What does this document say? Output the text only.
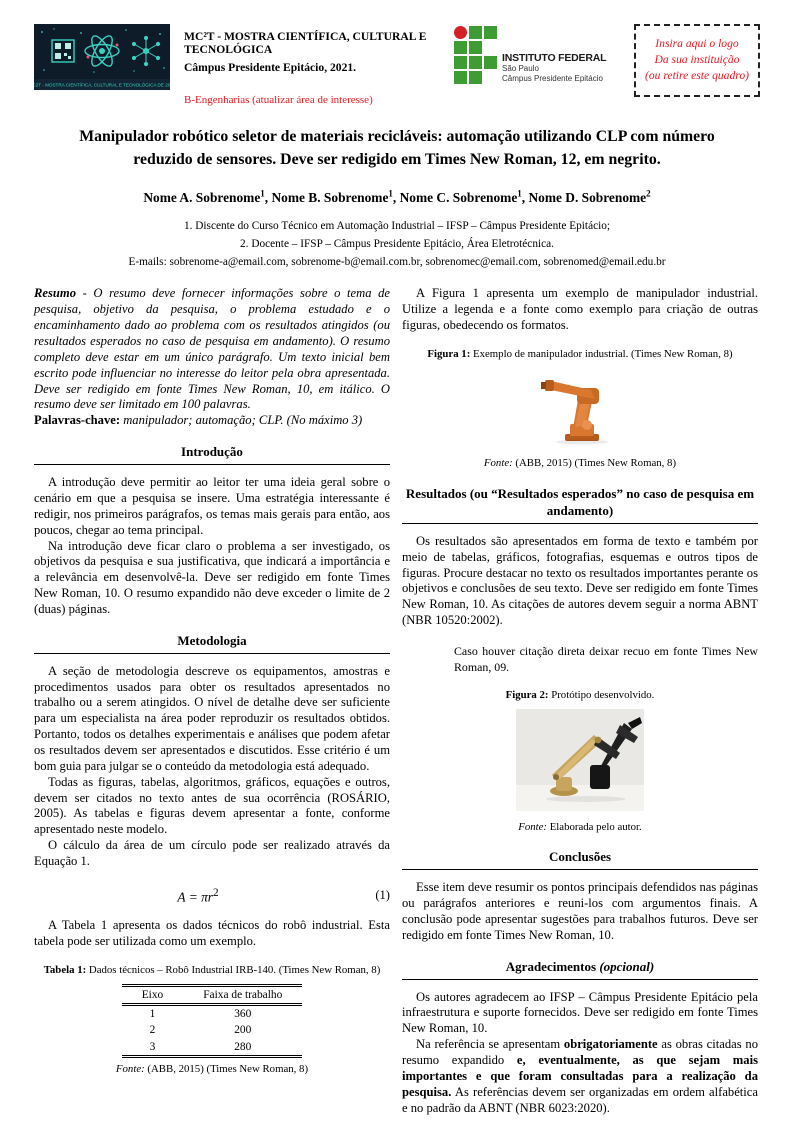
MC2T - MOSTRA CIENTÍFICA, CULTURAL E TECNOLÓGICA DE 2021
MC²T - MOSTRA CIENTÍFICA, CULTURAL E TECNOLÓGICA
Câmpus Presidente Epitácio, 2021.
B-Engenharias (atualizar área de interesse)
INSTITUTO FEDERAL
São Paulo
Câmpus Presidente Epitácio
Insira aqui o logo
Da sua instituição
(ou retire este quadro)
Manipulador robótico seletor de materiais recicláveis: automação utilizando CLP com número reduzido de sensores. Deve ser redigido em Times New Roman, 12, em negrito.
Nome A. Sobrenome$^1$, Nome B. Sobrenome$^1$, Nome C. Sobrenome$^1$, Nome D. Sobrenome$^2$
1. Discente do Curso Técnico em Automação Industrial – IFSP – Câmpus Presidente Epitácio;
2. Docente – IFSP – Câmpus Presidente Epitácio, Área Eletrotécnica.
E-mails: sobrenome-a@email.com, sobrenome-b@email.com.br, sobrenomec@email.com, sobrenomed@email.edu.br

Resumo - O resumo deve fornecer informações sobre o tema de pesquisa, objetivo da pesquisa, o problema estudado e o encaminhamento dado ao problema com os resultados atingidos (ou resultados esperados no caso de pesquisa em andamento). O resumo completo deve estar em um único parágrafo. Um texto inicial bem escrito pode influenciar no interesse do leitor pela obra apresentada. Deve ser redigido em fonte Times New Roman, 10, em itálico. O resumo deve ser limitado em 100 palavras.

Palavras-chave: manipulador; automação; CLP. (No máximo 3)

Introdução

A introdução deve permitir ao leitor ter uma ideia geral sobre o cenário em que a pesquisa se insere. Uma estratégia interessante é redigir, nos primeiros parágrafos, os temas mais gerais para então, aos poucos, chegar ao tema principal.

Na introdução deve ficar claro o problema a ser investigado, os objetivos da pesquisa e sua justificativa, que indicará a importância e a relevância em desenvolvê-la. Deve ser redigido em fonte Times New Roman, 10. O resumo expandido não deve exceder o limite de 2 (duas) páginas.

Metodologia

A seção de metodologia descreve os equipamentos, amostras e procedimentos usados para obter os resultados apresentados no trabalho ou a serem atingidos. O nível de detalhe deve ser suficiente para um especialista na área poder reproduzir os resultados obtidos. Portanto, todos os detalhes experimentais e análises que podem afetar os resultados devem ser apresentados e discutidos. Esse critério é um bom guia para julgar se o conteúdo da metodologia está adequado.

Todas as figuras, tabelas, algoritmos, gráficos, equações e outros, devem ser citados no texto antes de sua ocorrência (ROSÁRIO, 2005). As tabelas e figuras devem apresentar a fonte, conforme apresentado neste modelo.

O cálculo da área de um círculo pode ser realizado através da Equação 1.

$A = \pi r^2$	(1)

A Tabela 1 apresenta os dados técnicos do robô industrial. Esta tabela pode ser utilizada como um exemplo.

Tabela 1: Dados técnicos – Robô Industrial IRB-140. (Times New Roman, 8)
Eixo	Faixa de trabalho
1	360
2	200
3	280
Fonte: (ABB, 2015) (Times New Roman, 8)

A Figura 1 apresenta um exemplo de manipulador industrial. Utilize a legenda e a fonte como exemplo para criação de outras figuras, obedecendo os formatos.

Figura 1: Exemplo de manipulador industrial. (Times New Roman, 8)
Fonte: (ABB, 2015) (Times New Roman, 8)
Resultados (ou “Resultados esperados” no caso de pesquisa em andamento)

Os resultados são apresentados em forma de texto e também por meio de tabelas, gráficos, fotografias, esquemas e outros tipos de figuras. Procure destacar no texto os resultados importantes perante os objetivos e conclusões de seu texto. Deve ser redigido em fonte Times New Roman, 10. As citações de autores devem seguir a norma ABNT (NBR 10520:2002).

Caso houver citação direta deixar recuo em fonte Times New Roman, 09.
Figura 2: Protótipo desenvolvido.
Fonte: Elaborada pelo autor.
Conclusões

Esse item deve resumir os pontos principais defendidos nas páginas ou parágrafos anteriores e reuni-los com argumentos finais. A conclusão pode apresentar sugestões para trabalhos futuros. Deve ser redigido em fonte Times New Roman, 10.

Agradecimentos (opcional)

Os autores agradecem ao IFSP – Câmpus Presidente Epitácio pela infraestrutura e suporte fornecidos. Deve ser redigido em fonte Times New Roman, 10.

Na referência se apresentam obrigatoriamente as obras citadas no resumo expandido e, eventualmente, as que sejam mais importantes e que foram consultadas para a realização da pesquisa. As referências devem ser organizadas em ordem alfabética e no padrão da ABNT (NBR 6023:2020).
